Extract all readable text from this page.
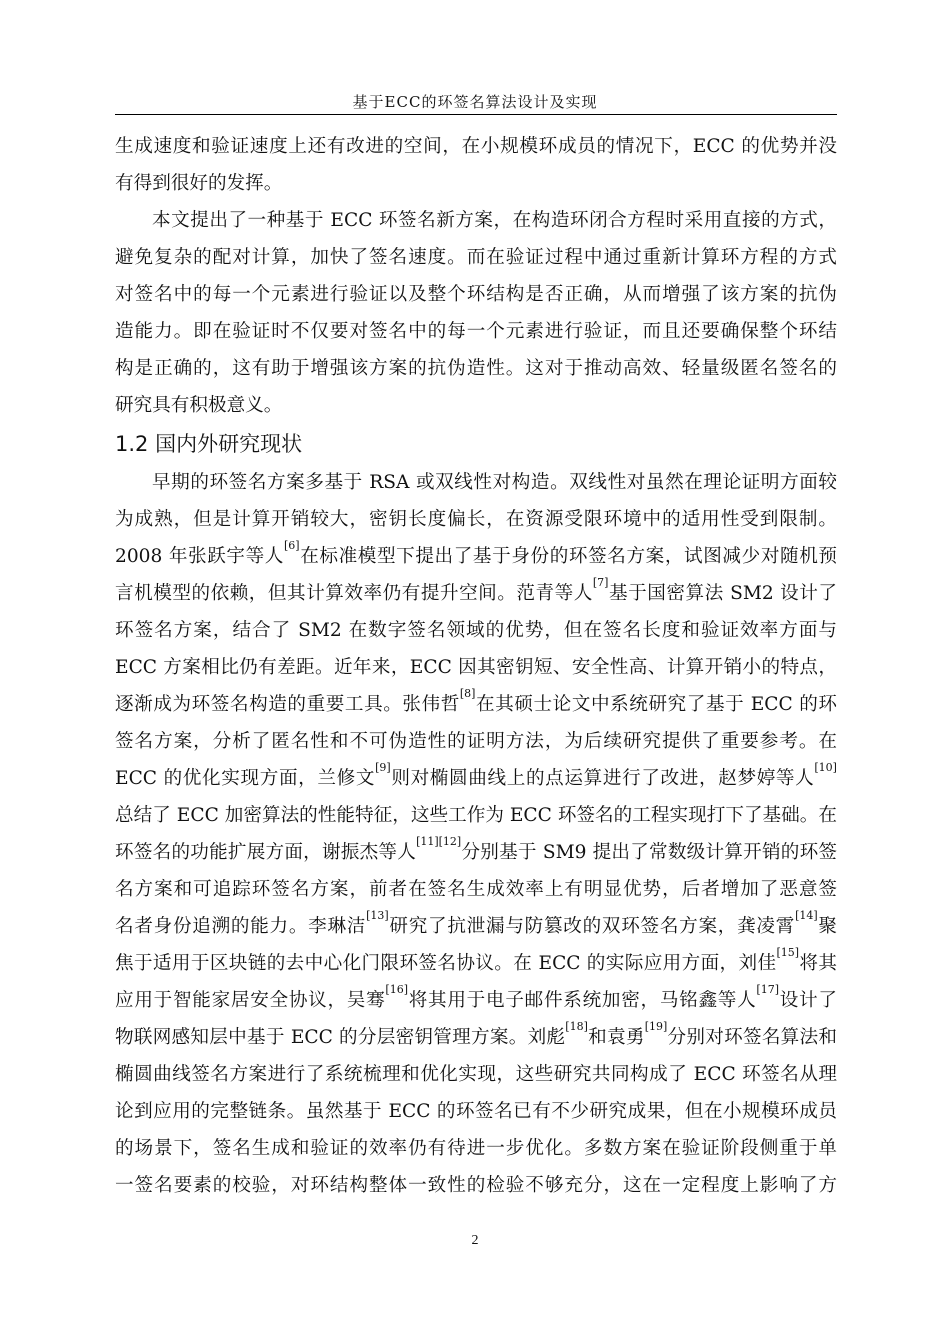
基于ECC的环签名算法设计及实现
生成速度和验证速度上还有改进的空间，在小规模环成员的情况下，ECC 的优势并没
有得到很好的发挥。
本文提出了一种基于 ECC 环签名新方案，在构造环闭合方程时采用直接的方式，
避免复杂的配对计算，加快了签名速度。而在验证过程中通过重新计算环方程的方式
对签名中的每一个元素进行验证以及整个环结构是否正确，从而增强了该方案的抗伪
造能力。即在验证时不仅要对签名中的每一个元素进行验证，而且还要确保整个环结
构是正确的，这有助于增强该方案的抗伪造性。这对于推动高效、轻量级匿名签名的
研究具有积极意义。
1.2 国内外研究现状
早期的环签名方案多基于 RSA 或双线性对构造。双线性对虽然在理论证明方面较
为成熟，但是计算开销较大，密钥长度偏长，在资源受限环境中的适用性受到限制。
2008 年张跃宇等人[6]在标准模型下提出了基于身份的环签名方案，试图减少对随机预
言机模型的依赖，但其计算效率仍有提升空间。范青等人[7]基于国密算法 SM2 设计了
环签名方案，结合了 SM2 在数字签名领域的优势，但在签名长度和验证效率方面与
ECC 方案相比仍有差距。近年来，ECC 因其密钥短、安全性高、计算开销小的特点，
逐渐成为环签名构造的重要工具。张伟哲[8]在其硕士论文中系统研究了基于 ECC 的环
签名方案，分析了匿名性和不可伪造性的证明方法，为后续研究提供了重要参考。在
ECC 的优化实现方面，兰修文[9]则对椭圆曲线上的点运算进行了改进，赵梦婷等人[10]
总结了 ECC 加密算法的性能特征，这些工作为 ECC 环签名的工程实现打下了基础。在
环签名的功能扩展方面，谢振杰等人[11][12]分别基于 SM9 提出了常数级计算开销的环签
名方案和可追踪环签名方案，前者在签名生成效率上有明显优势，后者增加了恶意签
名者身份追溯的能力。李琳洁[13]研究了抗泄漏与防篡改的双环签名方案，龚凌霄[14]聚
焦于适用于区块链的去中心化门限环签名协议。在 ECC 的实际应用方面，刘佳[15]将其
应用于智能家居安全协议，吴骞[16]将其用于电子邮件系统加密，马铭鑫等人[17]设计了
物联网感知层中基于 ECC 的分层密钥管理方案。刘彪[18]和袁勇[19]分别对环签名算法和
椭圆曲线签名方案进行了系统梳理和优化实现，这些研究共同构成了 ECC 环签名从理
论到应用的完整链条。虽然基于 ECC 的环签名已有不少研究成果，但在小规模环成员
的场景下，签名生成和验证的效率仍有待进一步优化。多数方案在验证阶段侧重于单
一签名要素的校验，对环结构整体一致性的检验不够充分，这在一定程度上影响了方
2
